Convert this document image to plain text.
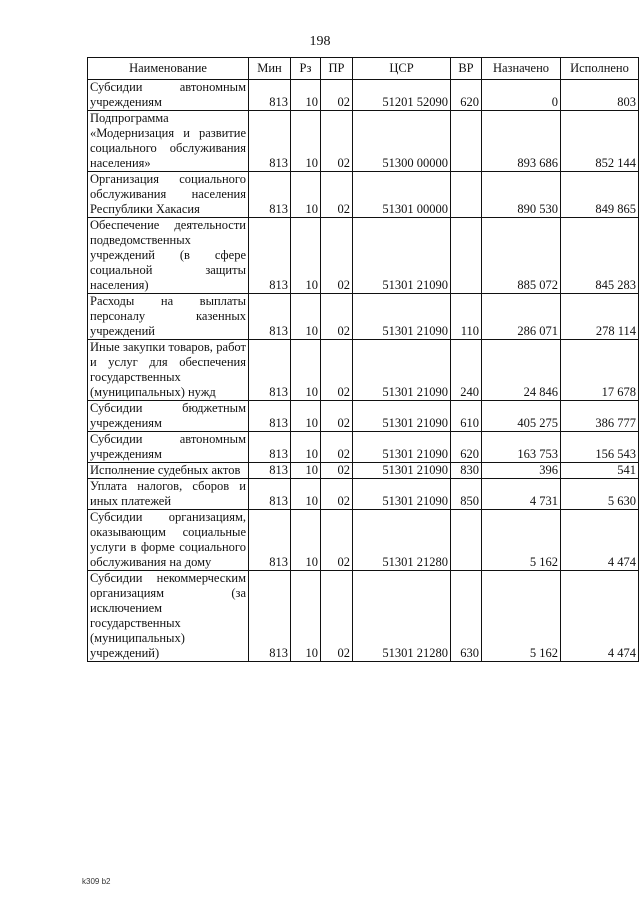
198
Наименование	Мин	Рз	ПР	ЦСР	ВР	Назначено	Исполнено
Субсидии автономным учреждениям	813	10	02	51201 52090	620	0	803
Подпрограмма «Модернизация и развитие социального обслуживания населения»	813	10	02	51300 00000		893 686	852 144
Организация социального обслуживания населения Республики Хакасия	813	10	02	51301 00000		890 530	849 865
Обеспечение деятельности подведомственных учреждений (в сфере социальной защиты населения)	813	10	02	51301 21090		885 072	845 283
Расходы на выплаты персоналу казенных учреждений	813	10	02	51301 21090	110	286 071	278 114
Иные закупки товаров, работ и услуг для обеспечения государственных (муниципальных) нужд	813	10	02	51301 21090	240	24 846	17 678
Субсидии бюджетным учреждениям	813	10	02	51301 21090	610	405 275	386 777
Субсидии автономным учреждениям	813	10	02	51301 21090	620	163 753	156 543
Исполнение судебных актов	813	10	02	51301 21090	830	396	541
Уплата налогов, сборов и иных платежей	813	10	02	51301 21090	850	4 731	5 630
Субсидии организациям, оказывающим социальные услуги в форме социального обслуживания на дому	813	10	02	51301 21280		5 162	4 474
Субсидии некоммерческим организациям (за исключением государственных (муниципальных) учреждений)	813	10	02	51301 21280	630	5 162	4 474
k309 b2
